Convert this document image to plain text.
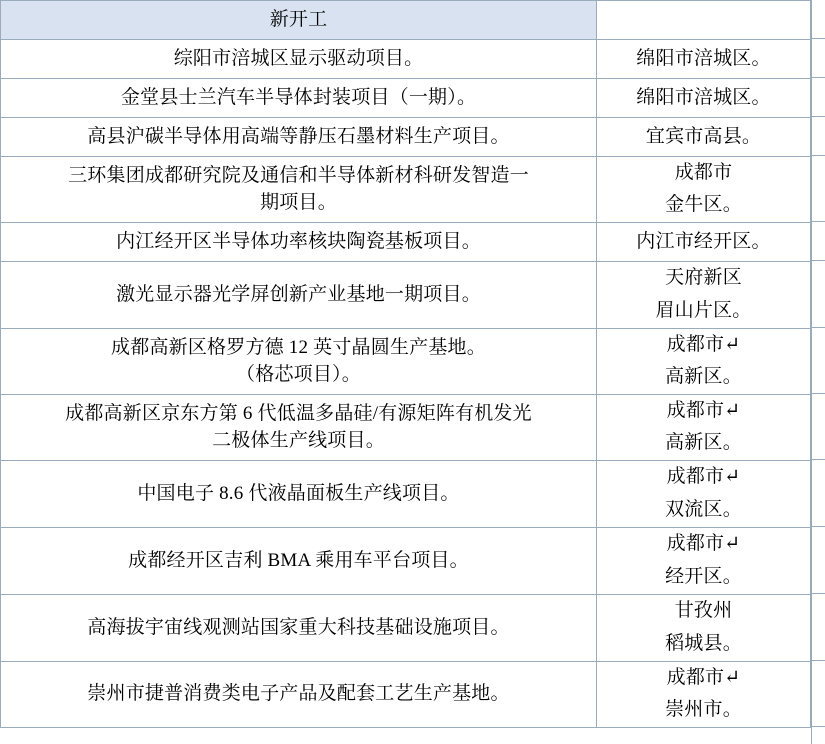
新开工	

综阳市涪城区显示驱动项目。	绵阳市涪城区。

金堂县士兰汽车半导体封装项目（一期）。	绵阳市涪城区。

高县沪碳半导体用高端等静压石墨材料生产项目。	宜宾市高县。

三环集团成都研究院及通信和半导体新材科研发智造一
期项目。	成都市
金牛区。

内江经开区半导体功率核块陶瓷基板项目。	内江市经开区。

激光显示器光学屏创新产业基地一期项目。	天府新区
眉山片区。

成都高新区格罗方德 12 英寸晶圆生产基地。
（格芯项目）。	成都市↵
高新区。

成都高新区京东方第 6 代低温多晶硅/有源矩阵有机发光
二极体生产线项目。	成都市↵
高新区。

中国电子 8.6 代液晶面板生产线项目。	成都市↵
双流区。

成都经开区吉利 BMA 乘用车平台项目。	成都市↵
经开区。

高海拔宇宙线观测站国家重大科技基础设施项目。	甘孜州
稻城县。

崇州市捷普消费类电子产品及配套工艺生产基地。	成都市↵
崇州市。
